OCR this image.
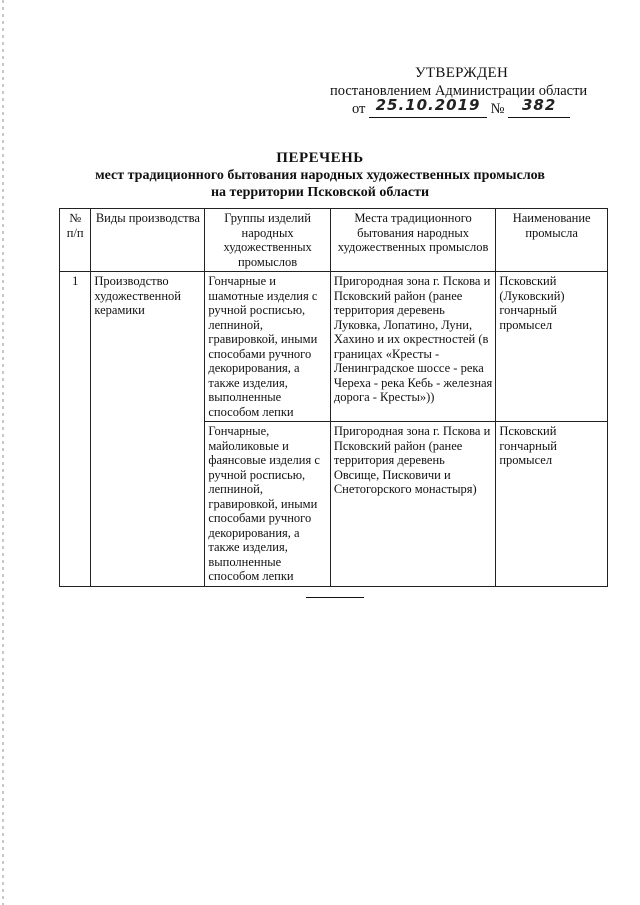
УТВЕРЖДЕН
постановлением Администрации области
от 25.10.2019 № 382
ПЕРЕЧЕНЬ
мест традиционного бытования народных художественных промыслов
на территории Псковской области
№ п/п	Виды производства	Группы изделий народных художественных промыслов	Места традиционного бытования народных художественных промыслов	Наименование промысла
1	Производство художественной керамики	Гончарные и шамотные изделия с ручной росписью, лепниной, гравировкой, иными способами ручного декорирования, а также изделия, выполненные способом лепки	Пригородная зона г. Пскова и Псковский район (ранее территория деревень Луковка, Лопатино, Луни, Хахино и их окрестностей (в границах «Кресты - Ленинградское шоссе - река Череха - река Кебь - железная дорога - Кресты»))	Псковский (Луковский) гончарный промысел
		Гончарные, майоликовые и фаянсовые изделия с ручной росписью, лепниной, гравировкой, иными способами ручного декорирования, а также изделия, выполненные способом лепки	Пригородная зона г. Пскова и Псковский район (ранее территория деревень Овсище, Писковичи и Снетогорского монастыря)	Псковский гончарный промысел
